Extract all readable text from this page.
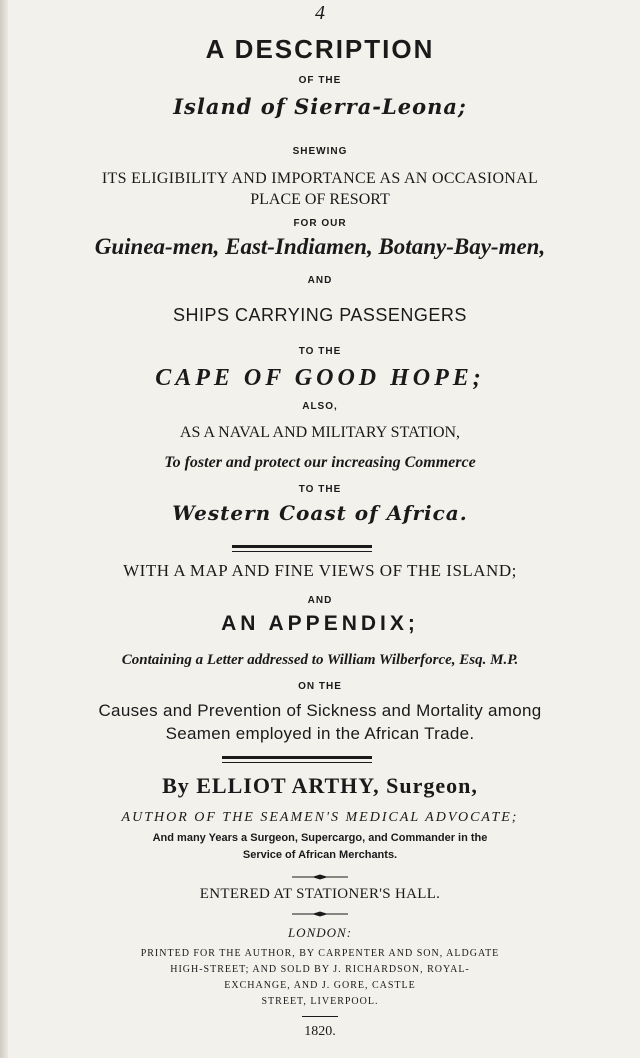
4
A DESCRIPTION
OF THE
Island of Sierra-Leona;
SHEWING
ITS ELIGIBILITY AND IMPORTANCE AS AN OCCASIONAL
PLACE OF RESORT
FOR OUR
Guinea-men, East-Indiamen, Botany-Bay-men,
AND
SHIPS CARRYING PASSENGERS
TO THE
CAPE OF GOOD HOPE;
ALSO,
AS A NAVAL AND MILITARY STATION,
To foster and protect our increasing Commerce
TO THE
Western Coast of Africa.
WITH A MAP AND FINE VIEWS OF THE ISLAND;
AND
AN APPENDIX;
Containing a Letter addressed to William Wilberforce, Esq. M.P.
ON THE
Causes and Prevention of Sickness and Mortality among
Seamen employed in the African Trade.
By ELLIOT ARTHY, Surgeon,
AUTHOR OF THE SEAMEN'S MEDICAL ADVOCATE;
And many Years a Surgeon, Supercargo, and Commander in the
Service of African Merchants.
ENTERED AT STATIONER'S HALL.
LONDON:
PRINTED FOR THE AUTHOR, BY CARPENTER AND SON, ALDGATE
HIGH-STREET; AND SOLD BY J. RICHARDSON, ROYAL-
EXCHANGE, AND J. GORE, CASTLE
STREET, LIVERPOOL.
1820.
